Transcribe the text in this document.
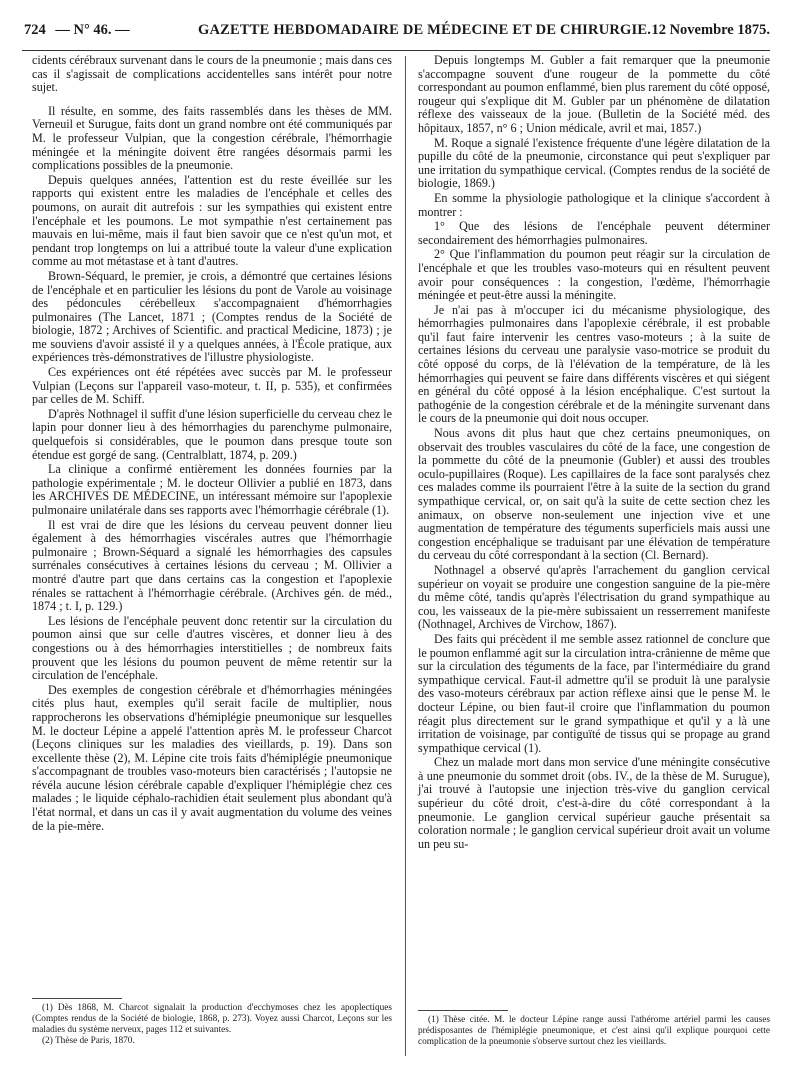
724 — N° 46. —	GAZETTE HEBDOMADAIRE DE MÉDECINE ET DE CHIRURGIE. 12 Novembre 1875.

cidents cérébraux survenant dans le cours de la pneumonie ; mais dans ces cas il s'agissait de complications accidentelles sans intérêt pour notre sujet.

Il résulte, en somme, des faits rassemblés dans les thèses de MM. Verneuil et Surugue, faits dont un grand nombre ont été communiqués par M. le professeur Vulpian, que la congestion cérébrale, l'hémorrhagie méningée et la méningite doivent être rangées désormais parmi les complications possibles de la pneumonie.

Depuis quelques années, l'attention est du reste éveillée sur les rapports qui existent entre les maladies de l'encéphale et celles des poumons, on aurait dit autrefois : sur les sympathies qui existent entre l'encéphale et les poumons. Le mot sympathie n'est certainement pas mauvais en lui-même, mais il faut bien savoir que ce n'est qu'un mot, et pendant trop longtemps on lui a attribué toute la valeur d'une explication comme au mot métastase et à tant d'autres.

Brown-Séquard, le premier, je crois, a démontré que certaines lésions de l'encéphale et en particulier les lésions du pont de Varole au voisinage des pédoncules cérébelleux s'accompagnaient d'hémorrhagies pulmonaires (The Lancet, 1871 ; (Comptes rendus de la Société de biologie, 1872 ; Archives of Scientific. and practical Medicine, 1873) ; je me souviens d'avoir assisté il y a quelques années, à l'École pratique, aux expériences très-démonstratives de l'illustre physiologiste.

Ces expériences ont été répétées avec succès par M. le professeur Vulpian (Leçons sur l'appareil vaso-moteur, t. II, p. 535), et confirmées par celles de M. Schiff.

D'après Nothnagel il suffit d'une lésion superficielle du cerveau chez le lapin pour donner lieu à des hémorrhagies du parenchyme pulmonaire, quelquefois si considérables, que le poumon dans presque toute son étendue est gorgé de sang. (Centralblatt, 1874, p. 209.)

La clinique a confirmé entièrement les données fournies par la pathologie expérimentale ; M. le docteur Ollivier a publié en 1873, dans les ARCHIVES DE MÉDECINE, un intéressant mémoire sur l'apoplexie pulmonaire unilatérale dans ses rapports avec l'hémorrhagie cérébrale (1).

Il est vrai de dire que les lésions du cerveau peuvent donner lieu également à des hémorrhagies viscérales autres que l'hémorrhagie pulmonaire ; Brown-Séquard a signalé les hémorrhagies des capsules surrénales consécutives à certaines lésions du cerveau ; M. Ollivier a montré d'autre part que dans certains cas la congestion et l'apoplexie rénales se rattachent à l'hémorrhagie cérébrale. (Archives gén. de méd., 1874 ; t. I, p. 129.)

Les lésions de l'encéphale peuvent donc retentir sur la circulation du poumon ainsi que sur celle d'autres viscères, et donner lieu à des congestions ou à des hémorrhagies interstitielles ; de nombreux faits prouvent que les lésions du poumon peuvent de même retentir sur la circulation de l'encéphale.

Des exemples de congestion cérébrale et d'hémorrhagies méningées cités plus haut, exemples qu'il serait facile de multiplier, nous rapprocherons les observations d'hémiplégie pneumonique sur lesquelles M. le docteur Lépine a appelé l'attention après M. le professeur Charcot (Leçons cliniques sur les maladies des vieillards, p. 19). Dans son excellente thèse (2), M. Lépine cite trois faits d'hémiplégie pneumonique s'accompagnant de troubles vaso-moteurs bien caractérisés ; l'autopsie ne révéla aucune lésion cérébrale capable d'expliquer l'hémiplégie chez ces malades ; le liquide céphalo-rachidien était seulement plus abondant qu'à l'état normal, et dans un cas il y avait augmentation du volume des veines de la pie-mère.

(1) Dès 1868, M. Charcot signalait la production d'ecchymoses chez les apoplectiques (Comptes rendus de la Société de biologie, 1868, p. 273). Voyez aussi Charcot, Leçons sur les maladies du système nerveux, pages 112 et suivantes.

(2) Thèse de Paris, 1870.

Depuis longtemps M. Gubler a fait remarquer que la pneumonie s'accompagne souvent d'une rougeur de la pommette du côté correspondant au poumon enflammé, bien plus rarement du côté opposé, rougeur qui s'explique dit M. Gubler par un phénomène de dilatation réflexe des vaisseaux de la joue. (Bulletin de la Société méd. des hôpitaux, 1857, n° 6 ; Union médicale, avril et mai, 1857.)

M. Roque a signalé l'existence fréquente d'une légère dilatation de la pupille du côté de la pneumonie, circonstance qui peut s'expliquer par une irritation du sympathique cervical. (Comptes rendus de la société de biologie, 1869.)

En somme la physiologie pathologique et la clinique s'accordent à montrer :

1° Que des lésions de l'encéphale peuvent déterminer secondairement des hémorrhagies pulmonaires.

2° Que l'inflammation du poumon peut réagir sur la circulation de l'encéphale et que les troubles vaso-moteurs qui en résultent peuvent avoir pour conséquences : la congestion, l'œdème, l'hémorrhagie méningée et peut-être aussi la méningite.

Je n'ai pas à m'occuper ici du mécanisme physiologique, des hémorrhagies pulmonaires dans l'apoplexie cérébrale, il est probable qu'il faut faire intervenir les centres vaso-moteurs ; à la suite de certaines lésions du cerveau une paralysie vaso-motrice se produit du côté opposé du corps, de là l'élévation de la température, de là les hémorrhagies qui peuvent se faire dans différents viscères et qui siégent en général du côté opposé à la lésion encéphalique. C'est surtout la pathogénie de la congestion cérébrale et de la méningite survenant dans le cours de la pneumonie qui doit nous occuper.

Nous avons dit plus haut que chez certains pneumoniques, on observait des troubles vasculaires du côté de la face, une congestion de la pommette du côté de la pneumonie (Gubler) et aussi des troubles oculo-pupillaires (Roque). Les capillaires de la face sont paralysés chez ces malades comme ils pourraient l'être à la suite de la section du grand sympathique cervical, or, on sait qu'à la suite de cette section chez les animaux, on observe non-seulement une injection vive et une augmentation de température des téguments superficiels mais aussi une congestion encéphalique se traduisant par une élévation de température du cerveau du côté correspondant à la section (Cl. Bernard).

Nothnagel a observé qu'après l'arrachement du ganglion cervical supérieur on voyait se produire une congestion sanguine de la pie-mère du même côté, tandis qu'après l'électrisation du grand sympathique au cou, les vaisseaux de la pie-mère subissaient un resserrement manifeste (Nothnagel, Archives de Virchow, 1867).

Des faits qui précèdent il me semble assez rationnel de conclure que le poumon enflammé agit sur la circulation intra-crânienne de même que sur la circulation des téguments de la face, par l'intermédiaire du grand sympathique cervical. Faut-il admettre qu'il se produit là une paralysie des vaso-moteurs cérébraux par action réflexe ainsi que le pense M. le docteur Lépine, ou bien faut-il croire que l'inflammation du poumon réagit plus directement sur le grand sympathique et qu'il y a là une irritation de voisinage, par contiguïté de tissus qui se propage au grand sympathique cervical (1).

Chez un malade mort dans mon service d'une méningite consécutive à une pneumonie du sommet droit (obs. IV., de la thèse de M. Surugue), j'ai trouvé à l'autopsie une injection très-vive du ganglion cervical supérieur du côté droit, c'est-à-dire du côté correspondant à la pneumonie. Le ganglion cervical supérieur gauche présentait sa coloration normale ; le ganglion cervical supérieur droit avait un volume un peu su-

(1) Thèse citée. M. le docteur Lépine range aussi l'athérome artériel parmi les causes prédisposantes de l'hémiplégie pneumonique, et c'est ainsi qu'il explique pourquoi cette complication de la pneumonie s'observe surtout chez les vieillards.
